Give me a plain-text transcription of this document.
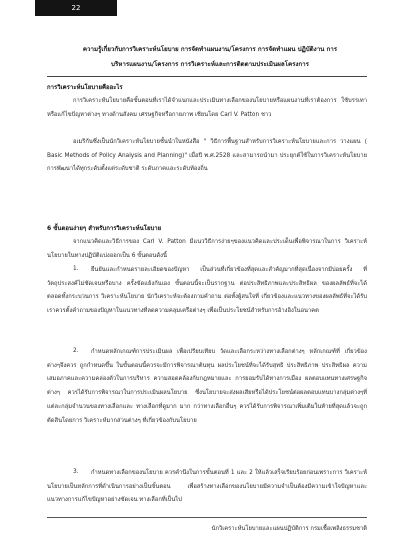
22
ความรู้เกี่ยวกับการวิเคราะห์นโยบาย การจัดทำแผนงาน/โครงการ การจัดทำแผน ปฏิบัติงาน การ
บริหารแผนงาน/โครงการ การวิเคราะห์และการติดตามประเมินผลโครงการ
การวิเคราะห์นโยบายคืออะไร

การวิเคราะห์นโยบายคือขั้นตอนที่เราได้จำแนกและประเมินทางเลือกของนโยบายหรือแผนงานที่เราต้องการ ใช้บรรเทาหรือแก้ไขปัญหาต่างๆ ทางด้านสังคม เศรษฐกิจหรือกายภาพ เชียนโดย Carl V. Patton ชาว

อเมริกันซึ่งเป็นนักวิเคราะห์นโยบายชั้นนำในหนังสือ " วิธีการพื้นฐานสำหรับการวิเคราะห์นโยบายและการ วางแผน ( Basic Methods of Policy Analysis and Planning)" เมื่อปี พ.ศ.2528 และสามารถนำมา ประยุกต์ใช้ในการวิเคราะห์นโยบายการพัฒนาได้ทุกระดับตั้งแต่ระดับชาติ ระดับภาคและระดับท้องถิ่น

6 ขั้นตอนง่ายๆ สำหรับการวิเคราะห์นโยบาย

จากแนวคิดและวิธีการของ Carl V. Patton มีแนววิธีการง่ายๆของแนวคิดและประเด็นเพื่อพิจารณาในการ วิเคราะห์นโยบายในทางปฏิบัติแบ่งออกเป็น 6 ขั้นตอนดังนี้

1.	ยืนยันและกำหนดรายละเอียดของปัญหา เป็นส่วนที่เกี่ยวข้องที่สุดและสำคัญมากที่สุดเนื่องจากมีบ่อยครั้ง ที่วัตถุประสงค์ไม่ชัดเจนหรือบาง ครั้งขัดแย้งกันเอง ขั้นตอนนี้จะเป็นรากฐาน ต่อประสิทธิภาพและประสิทธิผล ของผลลัพธ์ที่จะได้ตลอดทั้งกระบวนการ วิเคราะห์นโยบาย นักวิเคราะห์จะต้องถามคำถาม ต่อทั้งผู้สนใจที่ เกี่ยวข้องและแนวทางของผลลัพธ์ที่จะได้รับ เราควรตั้งคำถามของปัญหาในแนวทางที่ลดความคลุมเครือต่างๆ เพื่อเป็นประโยชน์สำหรับการอ้างอิงในอนาคต

2.	กำหนดหลักเกณฑ์การประเมินผล เพื่อเปรียบเทียบ วัดและเลือกระหว่างทางเลือกต่างๆ หลักเกณฑ์ที่ เกี่ยวข้องต่างๆจึงควร ถูกกำหนดขึ้น ในขั้นตอนนี้ควรจะมีการพิจารณาต้นทุน ผลประโยชน์ที่จะได้รับสุทธิ ประสิทธิภาพ ประสิทธิผล ความเสมอภาคและความคล่องตัวในการบริหาร ความสอดคล้องกับกฎหมายและ การยอมรับได้ทางการเมือง ผลตอบแทนทางเศรษฐกิจต่างๆ ควรได้รับการพิจารณาในการประเมินผลนโยบาย ซึ่งนโยบายจะส่งผลเสียหรือได้ประโยชน์ต่อผลตอบแทนบางกลุ่มต่างๆที่แต่ละกลุ่มจำนวนของทางเลือกและ ทางเลือกที่ดูมาก มาก กว่าทางเลือกอื่นๆ ควรได้รับการพิจารณาเพิ่มเติมในท้ายที่สุดแล้วจะถูกตัดสินโดยการ วิเคราะห์มากส่วนต่างๆ ที่เกี่ยวข้องกับนโยบาย

3.	กำหนดทางเลือกของนโยบาย ควรคำนึงในการขั้นตอนที่ 1 และ 2 ให้แล้วเสร็จเรียบร้อยก่อนเพราะการ วิเคราะห์นโยบายเป็นหลักการที่ดำเนินการอย่างเป็นขั้นตอน เพื่อสร้างทางเลือกของนโยบายมีความจำเป็นต้องมีความเข้าใจปัญหาและแนวทางการแก้ไขปัญหาอย่างชัดเจน ทางเลือกที่เป็นไป

นักวิเคราะห์นโยบายและแผนปฏิบัติการ กรมเชื้อเพลิงธรรมชาติ
